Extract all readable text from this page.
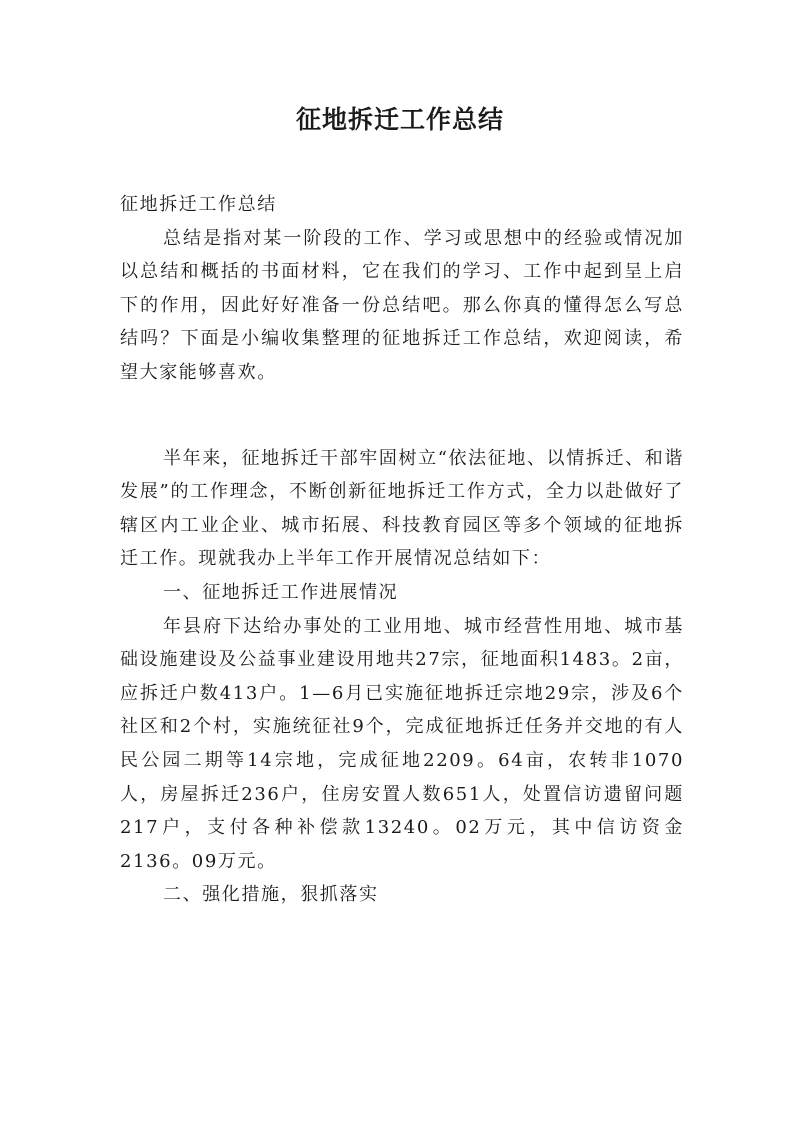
征地拆迁工作总结

征地拆迁工作总结

总结是指对某一阶段的工作、学习或思想中的经验或情况加以总结和概括的书面材料，它在我们的学习、工作中起到呈上启下的作用，因此好好准备一份总结吧。那么你真的懂得怎么写总结吗？下面是小编收集整理的征地拆迁工作总结，欢迎阅读，希望大家能够喜欢。

半年来，征地拆迁干部牢固树立“依法征地、以情拆迁、和谐发展”的工作理念，不断创新征地拆迁工作方式，全力以赴做好了辖区内工业企业、城市拓展、科技教育园区等多个领域的征地拆迁工作。现就我办上半年工作开展情况总结如下：

一、征地拆迁工作进展情况

年县府下达给办事处的工业用地、城市经营性用地、城市基础设施建设及公益事业建设用地共27宗，征地面积1483。2亩，应拆迁户数413户。1—6月已实施征地拆迁宗地29宗，涉及6个社区和2个村，实施统征社9个，完成征地拆迁任务并交地的有人民公园二期等14宗地，完成征地2209。64亩，农转非1070人，房屋拆迁236户，住房安置人数651人，处置信访遗留问题217户，支付各种补偿款13240。02万元，其中信访资金2136。09万元。

二、强化措施，狠抓落实
